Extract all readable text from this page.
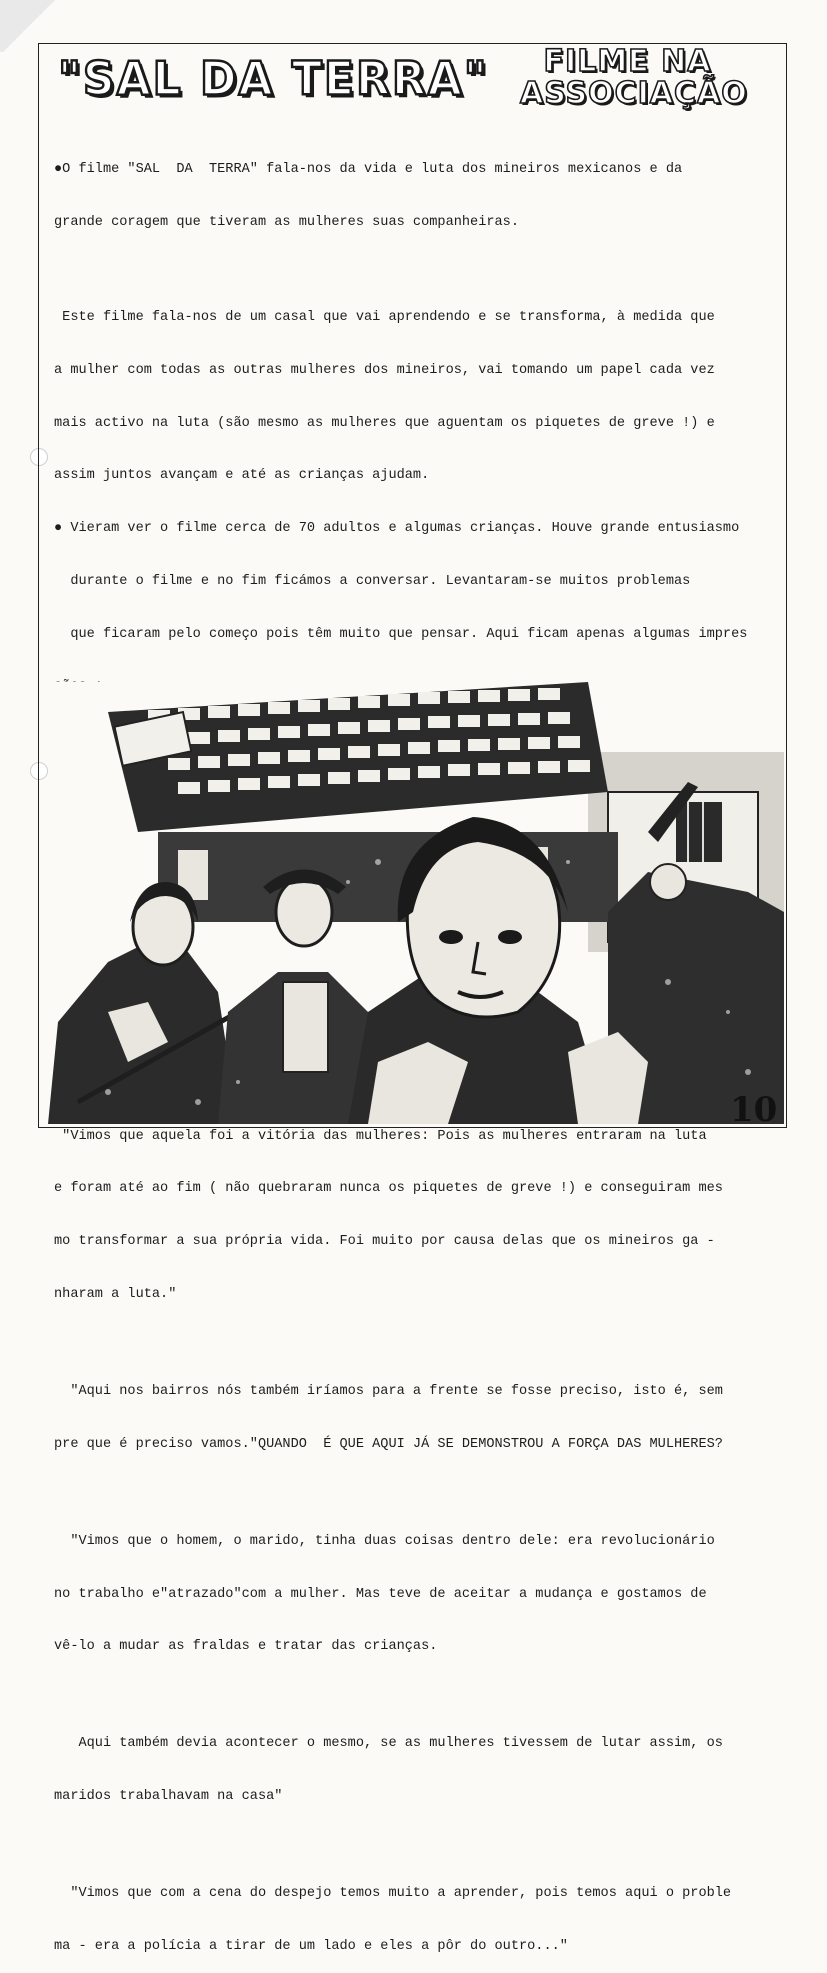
"SAL DA TERRA"	FILME NA
ASSOCIAÇÃO

●O filme "SAL  DA  TERRA" fala-nos da vida e luta dos mineiros mexicanos e da

grande coragem que tiveram as mulheres suas companheiras.

Este filme fala-nos de um casal que vai aprendendo e se transforma, à medida que

a mulher com todas as outras mulheres dos mineiros, vai tomando um papel cada vez

mais activo na luta (são mesmo as mulheres que aguentam os piquetes de greve !) e

assim juntos avançam e até as crianças ajudam.

● Vieram ver o filme cerca de 70 adultos e algumas crianças. Houve grande entusiasmo

durante o filme e no fim ficámos a conversar. Levantaram-se muitos problemas

que ficaram pelo começo pois têm muito que pensar. Aqui ficam apenas algumas impres

"Vimos que aquela foi a vitória das mulheres: Pois as mulheres entraram na luta

e foram até ao fim ( não quebraram nunca os piquetes de greve !) e conseguiram mes

mo transformar a sua própria vida. Foi muito por causa delas que os mineiros ga -

nharam a luta."

"Aqui nos bairros nós também iríamos para a frente se fosse preciso, isto é, sem

pre que é preciso vamos."QUANDO  É QUE AQUI JÁ SE DEMONSTROU A FORÇA DAS MULHERES?

"Vimos que o homem, o marido, tinha duas coisas dentro dele: era revolucionário

no trabalho e"atrazado"com a mulher. Mas teve de aceitar a mudança e gostamos de

vê-lo a mudar as fraldas e tratar das crianças.

Aqui também devia acontecer o mesmo, se as mulheres tivessem de lutar assim, os

maridos trabalhavam na casa"

"Vimos que com a cena do despejo temos muito a aprender, pois temos aqui o proble

ma - era a polícia a tirar de um lado e eles a pôr do outro..."

10
